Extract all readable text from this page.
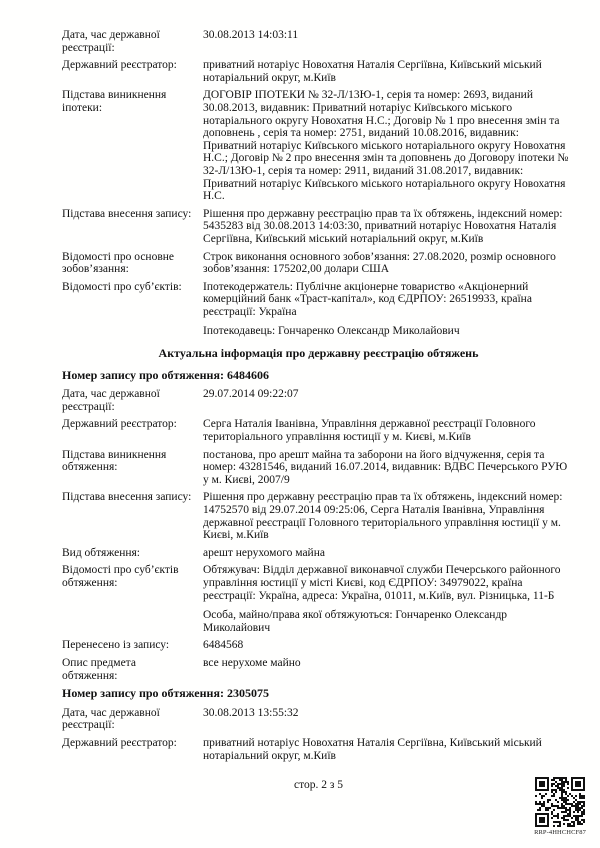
Дата, час державної реєстрації:
30.08.2013 14:03:11
Державний реєстратор:	приватний нотаріус Новохатня Наталія Сергіївна, Київський міський нотаріальний округ, м.Київ
Підстава виникнення іпотеки:
ДОГОВІР ІПОТЕКИ № 32-Л/13Ю-1, серія та номер: 2693, виданий 30.08.2013, видавник: Приватний нотаріус Київського міського нотаріального округу Новохатня Н.С.; Договір № 1 про внесення змін та доповнень , серія та номер: 2751, виданий 10.08.2016, видавник: Приватний нотаріус Київського міського нотаріального округу Новохатня Н.С.; Договір № 2 про внесення змін та доповнень до Договору іпотеки № 32-Л/13Ю-1, серія та номер: 2911, виданий 31.08.2017, видавник: Приватний нотаріус Київського міського нотаріального округу Новохатня Н.С.
Підстава внесення запису:	Рішення про державну реєстрацію прав та їх обтяжень, індексний номер: 5435283 від 30.08.2013 14:03:30, приватний нотаріус Новохатня Наталія Сергіївна, Київський міський нотаріальний округ, м.Київ
Відомості про основне зобов’язання:
Строк виконання основного зобов’язання: 27.08.2020, розмір основного зобов’язання: 175202,00 долари США
Відомості про суб’єктів:	Іпотекодержатель: Публічне акціонерне товариство «Акціонерний комерційний банк «Траст-капітал», код ЄДРПОУ: 26519933, країна реєстрації: Україна
Іпотекодавець: Гончаренко Олександр Миколайович
Актуальна інформація про державну реєстрацію обтяжень
Номер запису про обтяження: 6484606
Дата, час державної реєстрації:
29.07.2014 09:22:07
Державний реєстратор:	Серга Наталія Іванівна, Управління державної реєстрації Головного територіального управління юстиції у м. Києві, м.Київ
Підстава виникнення обтяження:
постанова, про арешт майна та заборони на його відчуження, серія та номер: 43281546, виданий 16.07.2014, видавник: ВДВС Печерського РУЮ у м. Києві, 2007/9
Підстава внесення запису:	Рішення про державну реєстрацію прав та їх обтяжень, індексний номер: 14752570 від 29.07.2014 09:25:06, Серга Наталія Іванівна, Управління державної реєстрації Головного територіального управління юстиції у м. Києві, м.Київ
Вид обтяження:	арешт нерухомого майна
Відомості про суб’єктів обтяження:
Обтяжувач: Відділ державної виконавчої служби Печерського районного управління юстиції у місті Києві, код ЄДРПОУ: 34979022, країна реєстрації: Україна, адреса: Україна, 01011, м.Київ, вул. Різницька, 11-Б
Особа, майно/права якої обтяжуються: Гончаренко Олександр Миколайович
Перенесено із запису:	6484568
Опис предмета обтяження:
все нерухоме майно
Номер запису про обтяження: 2305075
Дата, час державної реєстрації:
30.08.2013 13:55:32
Державний реєстратор:	приватний нотаріус Новохатня Наталія Сергіївна, Київський міський нотаріальний округ, м.Київ
стор. 2 з 5
RRP-4HHCHCF87
